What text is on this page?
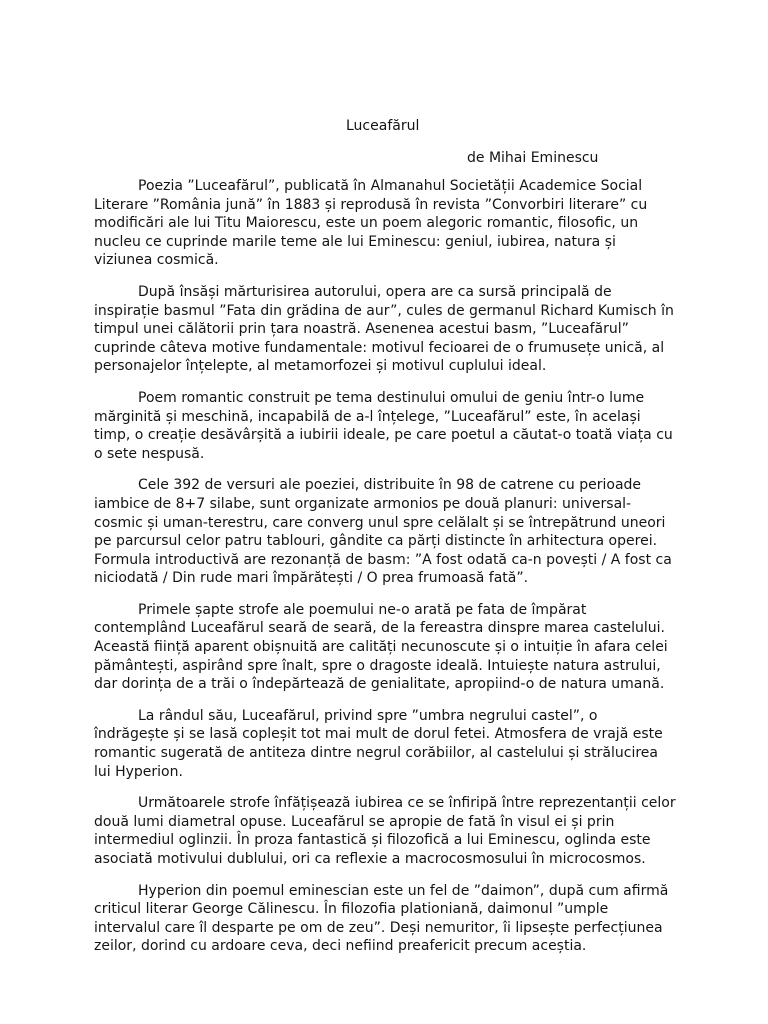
Luceafărul
de Mihai Eminescu

Poezia ”Luceafărul”, publicată în Almanahul Societății Academice Social Literare ”România jună” în 1883 și reprodusă în revista ”Convorbiri literare” cu modificări ale lui Titu Maiorescu, este un poem alegoric romantic, filosofic, un nucleu ce cuprinde marile teme ale lui Eminescu: geniul, iubirea, natura și viziunea cosmică.

După însăși mărturisirea autorului, opera are ca sursă principală de inspirație basmul ”Fata din grădina de aur”, cules de germanul Richard Kumisch în timpul unei călătorii prin țara noastră. Asenenea acestui basm, ”Luceafărul” cuprinde câteva motive fundamentale: motivul fecioarei de o frumusețe unică, al personajelor înțelepte, al metamorfozei și motivul cuplului ideal.

Poem romantic construit pe tema destinului omului de geniu într-o lume mărginită și meschină, incapabilă de a-l înțelege, ”Luceafărul” este, în același timp, o creație desăvârșită a iubirii ideale, pe care poetul a căutat-o toată viața cu o sete nespusă.

Cele 392 de versuri ale poeziei, distribuite în 98 de catrene cu perioade iambice de 8+7 silabe, sunt organizate armonios pe două planuri: universal-cosmic și uman-terestru, care converg unul spre celălalt și se întrepătrund uneori pe parcursul celor patru tablouri, gândite ca părți distincte în arhitectura operei. Formula introductivă are rezonanță de basm: ”A fost odată ca-n povești / A fost ca niciodată / Din rude mari împărătești / O prea frumoasă fată”.

Primele șapte strofe ale poemului ne-o arată pe fata de împărat contemplând Luceafărul seară de seară, de la fereastra dinspre marea castelului. Această ființă aparent obișnuită are calități necunoscute și o intuiție în afara celei pământești, aspirând spre înalt, spre o dragoste ideală. Intuiește natura astrului, dar dorința de a trăi o îndepărtează de genialitate, apropiind-o de natura umană.

La rândul său, Luceafărul, privind spre ”umbra negrului castel”, o îndrăgește și se lasă copleșit tot mai mult de dorul fetei. Atmosfera de vrajă este romantic sugerată de antiteza dintre negrul corăbiilor, al castelului și strălucirea lui Hyperion.

Următoarele strofe înfățișează iubirea ce se înfiripă între reprezentanții celor două lumi diametral opuse. Luceafărul se apropie de fată în visul ei și prin intermediul oglinzii. În proza fantastică și filozofică a lui Eminescu, oglinda este asociată motivului dublului, ori ca reflexie a macrocosmosului în microcosmos.

Hyperion din poemul eminescian este un fel de ”daimon”, după cum afirmă criticul literar George Călinescu. În filozofia plationiană, daimonul ”umple intervalul care îl desparte pe om de zeu”. Deși nemuritor, îi lipsește perfecțiunea zeilor, dorind cu ardoare ceva, deci nefiind preafericit precum aceștia.
